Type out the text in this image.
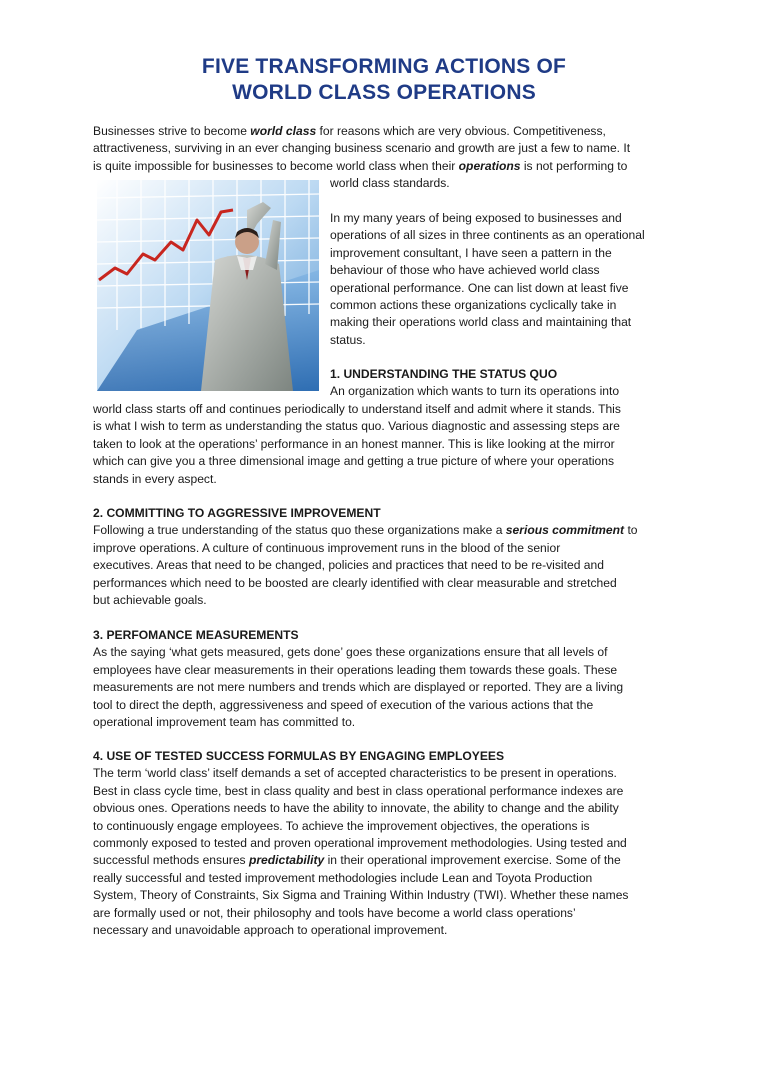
FIVE TRANSFORMING ACTIONS OF
WORLD CLASS OPERATIONS
Businesses strive to become world class for reasons which are very obvious. Competitiveness,
attractiveness, surviving in an ever changing business scenario and growth are just a few to name. It
is quite impossible for businesses to become world class when their operations is not performing to
world class standards.
In my many years of being exposed to businesses and
operations of all sizes in three continents as an operational
improvement consultant, I have seen a pattern in the
behaviour of those who have achieved world class
operational performance. One can list down at least five
common actions these organizations cyclically take in
making their operations world class and maintaining that
status.
1. UNDERSTANDING THE STATUS QUO
An organization which wants to turn its operations into
world class starts off and continues periodically to understand itself and admit where it stands. This
is what I wish to term as understanding the status quo. Various diagnostic and assessing steps are
taken to look at the operations’ performance in an honest manner. This is like looking at the mirror
which can give you a three dimensional image and getting a true picture of where your operations
stands in every aspect.
2. COMMITTING TO AGGRESSIVE IMPROVEMENT
Following a true understanding of the status quo these organizations make a serious commitment to
improve operations. A culture of continuous improvement runs in the blood of the senior
executives. Areas that need to be changed, policies and practices that need to be re-visited and
performances which need to be boosted are clearly identified with clear measurable and stretched
but achievable goals.
3. PERFOMANCE MEASUREMENTS
As the saying ‘what gets measured, gets done’ goes these organizations ensure that all levels of
employees have clear measurements in their operations leading them towards these goals. These
measurements are not mere numbers and trends which are displayed or reported. They are a living
tool to direct the depth, aggressiveness and speed of execution of the various actions that the
operational improvement team has committed to.
4. USE OF TESTED SUCCESS FORMULAS BY ENGAGING EMPLOYEES
The term ‘world class’ itself demands a set of accepted characteristics to be present in operations.
Best in class cycle time, best in class quality and best in class operational performance indexes are
obvious ones. Operations needs to have the ability to innovate, the ability to change and the ability
to continuously engage employees. To achieve the improvement objectives, the operations is
commonly exposed to tested and proven operational improvement methodologies. Using tested and
successful methods ensures predictability in their operational improvement exercise. Some of the
really successful and tested improvement methodologies include Lean and Toyota Production
System, Theory of Constraints, Six Sigma and Training Within Industry (TWI). Whether these names
are formally used or not, their philosophy and tools have become a world class operations’
necessary and unavoidable approach to operational improvement.
